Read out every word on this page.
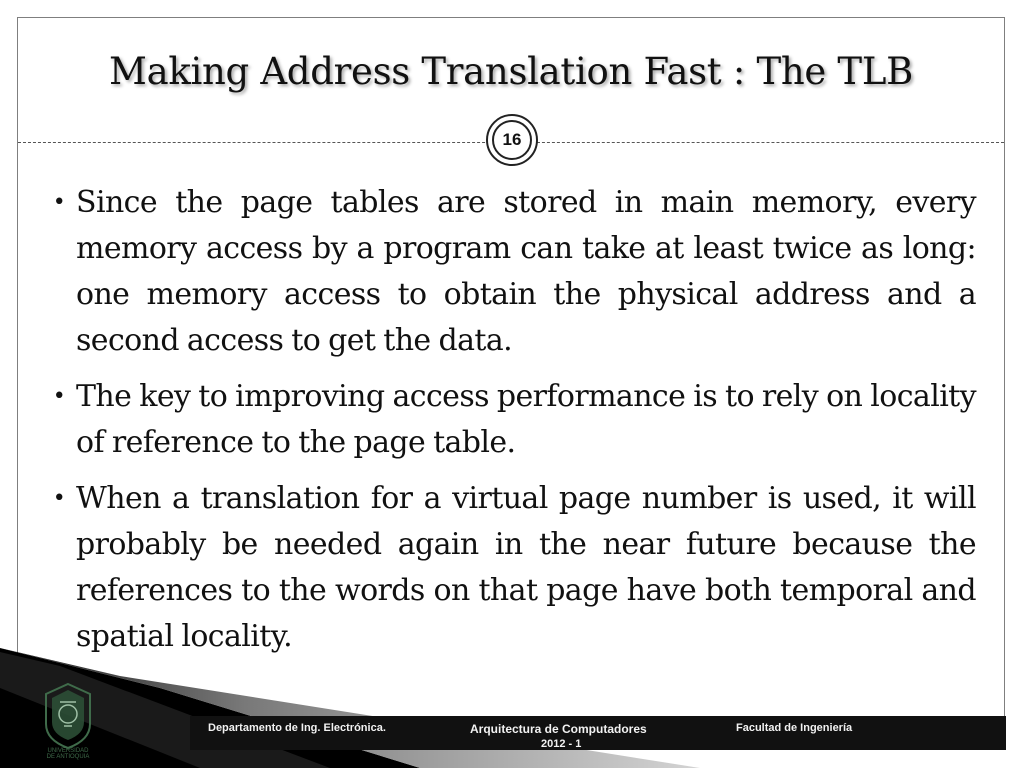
Making Address Translation Fast : The TLB
16
• Since the page tables are stored in main memory, every memory access by a program can take at least twice as long: one memory access to obtain the physical address and a second access to get the data.
• The key to improving access performance is to rely on locality of reference to the page table.
• When a translation for a virtual page number is used, it will probably be needed again in the near future because the references to the words on that page have both temporal and spatial locality.
Departamento de Ing. Electrónica.	Arquitectura de Computadores
2012 - 1
Facultad de Ingeniería
UNIVERSIDAD
DE ANTIOQUIA
